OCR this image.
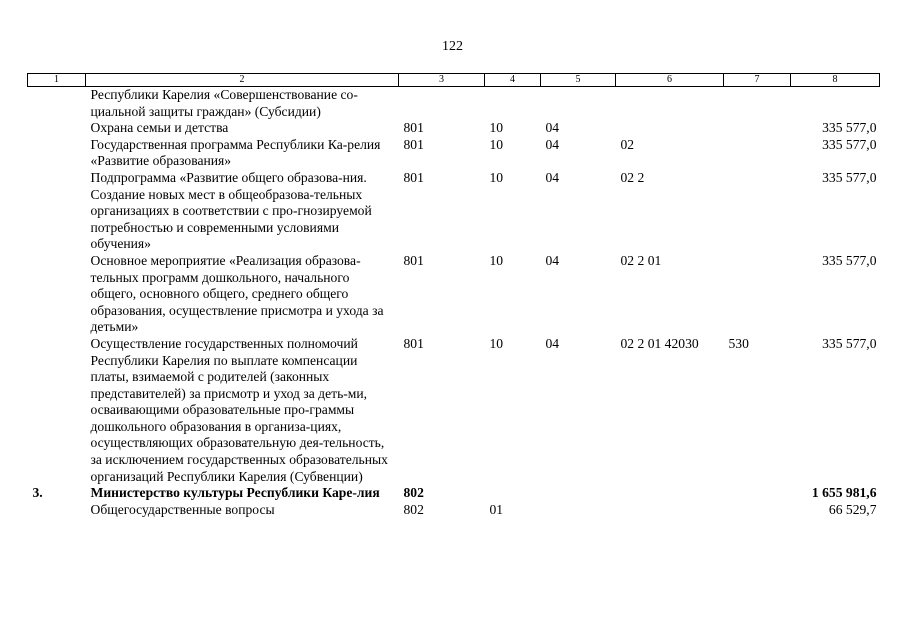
122
1	2	3	4	5	6	7	8
	Республики Карелия «Совершенствование со-циальной защиты граждан» (Субсидии)						
	Охрана семьи и детства	801	10	04			335 577,0
	Государственная программа Республики Ка-релия «Развитие образования»	801	10	04	02		335 577,0
	Подпрограмма «Развитие общего образова-ния. Создание новых мест в общеобразова-тельных организациях в соответствии с про-гнозируемой потребностью и современными условиями обучения»	801	10	04	02 2		335 577,0
	Основное мероприятие «Реализация образова-тельных программ дошкольного, начального общего, основного общего, среднего общего образования, осуществление присмотра и ухода за детьми»	801	10	04	02 2 01		335 577,0
	Осуществление государственных полномочий Республики Карелия по выплате компенсации платы, взимаемой с родителей (законных представителей) за присмотр и уход за деть-ми, осваивающими образовательные про-граммы дошкольного образования в организа-циях, осуществляющих образовательную дея-тельность, за исключением государственных образовательных организаций Республики Карелия (Субвенции)	801	10	04	02 2 01 42030	530	335 577,0
3.	Министерство культуры Республики Каре-лия	802					1 655 981,6
	Общегосударственные вопросы	802	01				66 529,7
